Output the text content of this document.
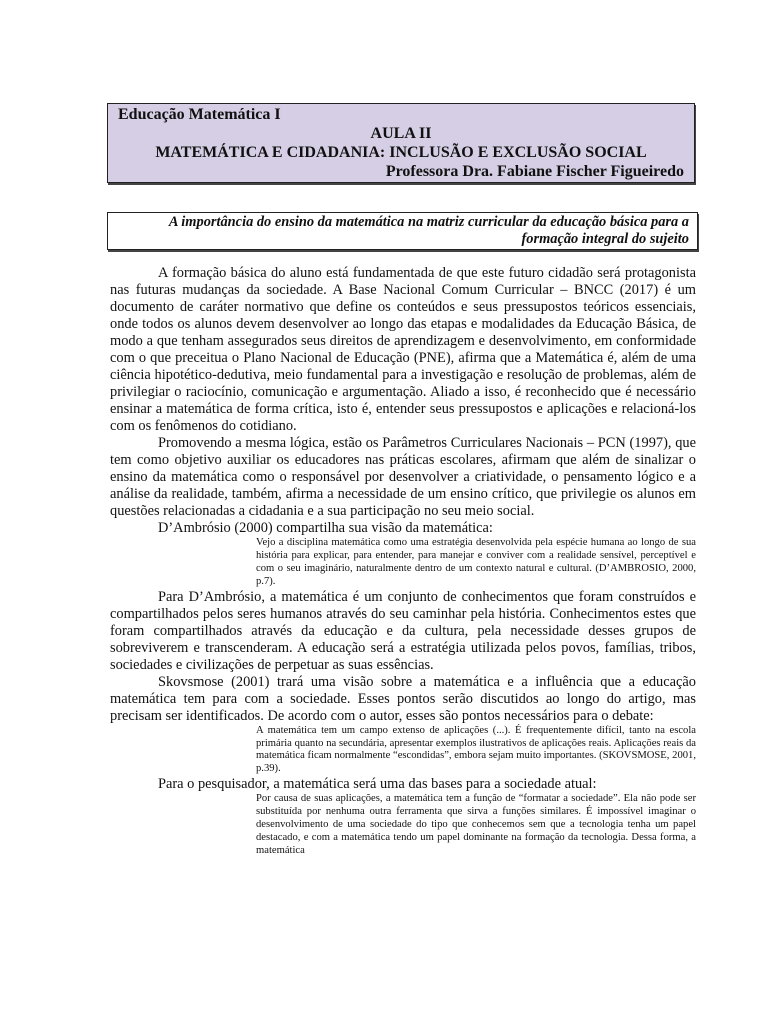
Educação Matemática I
AULA II
MATEMÁTICA E CIDADANIA: INCLUSÃO E EXCLUSÃO SOCIAL
Professora Dra. Fabiane Fischer Figueiredo
A importância do ensino da matemática na matriz curricular da educação básica para a
formação integral do sujeito

A formação básica do aluno está fundamentada de que este futuro cidadão será protagonista nas futuras mudanças da sociedade. A Base Nacional Comum Curricular – BNCC (2017) é um documento de caráter normativo que define os conteúdos e seus pressupostos teóricos essenciais, onde todos os alunos devem desenvolver ao longo das etapas e modalidades da Educação Básica, de modo a que tenham assegurados seus direitos de aprendizagem e desenvolvimento, em conformidade com o que preceitua o Plano Nacional de Educação (PNE), afirma que a Matemática é, além de uma ciência hipotético-dedutiva, meio fundamental para a investigação e resolução de problemas, além de privilegiar o raciocínio, comunicação e argumentação. Aliado a isso, é reconhecido que é necessário ensinar a matemática de forma crítica, isto é, entender seus pressupostos e aplicações e relacioná-los com os fenômenos do cotidiano.

Promovendo a mesma lógica, estão os Parâmetros Curriculares Nacionais – PCN (1997), que tem como objetivo auxiliar os educadores nas práticas escolares, afirmam que além de sinalizar o ensino da matemática como o responsável por desenvolver a criatividade, o pensamento lógico e a análise da realidade, também, afirma a necessidade de um ensino crítico, que privilegie os alunos em questões relacionadas a cidadania e a sua participação no seu meio social.

D’Ambrósio (2000) compartilha sua visão da matemática:

Vejo a disciplina matemática como uma estratégia desenvolvida pela espécie humana ao longo de sua história para explicar, para entender, para manejar e conviver com a realidade sensível, perceptível e com o seu imaginário, naturalmente dentro de um contexto natural e cultural. (D’AMBROSIO, 2000, p.7).

Para D’Ambrósio, a matemática é um conjunto de conhecimentos que foram construídos e compartilhados pelos seres humanos através do seu caminhar pela história. Conhecimentos estes que foram compartilhados através da educação e da cultura, pela necessidade desses grupos de sobreviverem e transcenderam. A educação será a estratégia utilizada pelos povos, famílias, tribos, sociedades e civilizações de perpetuar as suas essências.

Skovsmose (2001) trará uma visão sobre a matemática e a influência que a educação matemática tem para com a sociedade. Esses pontos serão discutidos ao longo do artigo, mas precisam ser identificados. De acordo com o autor, esses são pontos necessários para o debate:

A matemática tem um campo extenso de aplicações (...). É frequentemente difícil, tanto na escola primária quanto na secundária, apresentar exemplos ilustrativos de aplicações reais. Aplicações reais da matemática ficam normalmente “escondidas”, embora sejam muito importantes. (SKOVSMOSE, 2001, p.39).

Para o pesquisador, a matemática será uma das bases para a sociedade atual:

Por causa de suas aplicações, a matemática tem a função de “formatar a sociedade”. Ela não pode ser substituída por nenhuma outra ferramenta que sirva a funções similares. É impossível imaginar o desenvolvimento de uma sociedade do tipo que conhecemos sem que a tecnologia tenha um papel destacado, e com a matemática tendo um papel dominante na formação da tecnologia. Dessa forma, a matemática
